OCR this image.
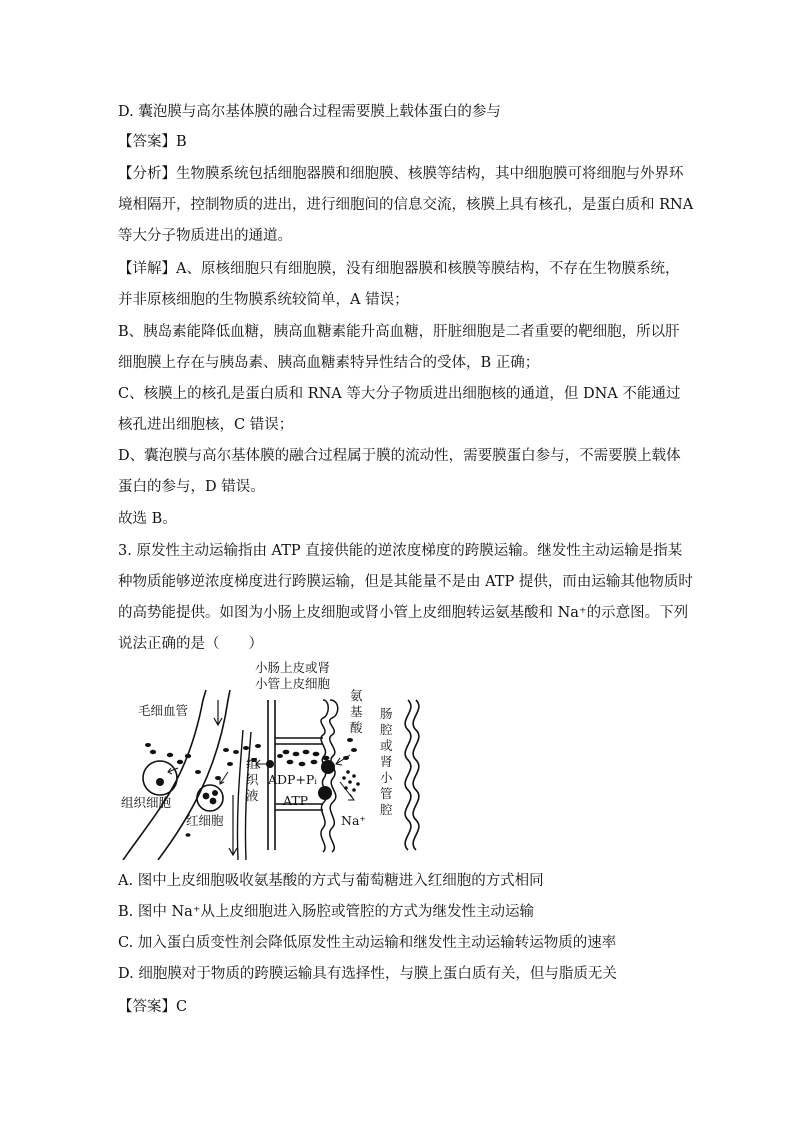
D. 囊泡膜与高尔基体膜的融合过程需要膜上载体蛋白的参与

【答案】B

【分析】生物膜系统包括细胞器膜和细胞膜、核膜等结构，其中细胞膜可将细胞与外界环
境相隔开，控制物质的进出，进行细胞间的信息交流，核膜上具有核孔，是蛋白质和 RNA
等大分子物质进出的通道。

【详解】A、原核细胞只有细胞膜，没有细胞器膜和核膜等膜结构，不存在生物膜系统，
并非原核细胞的生物膜系统较简单，A 错误；

B、胰岛素能降低血糖，胰高血糖素能升高血糖，肝脏细胞是二者重要的靶细胞，所以肝
细胞膜上存在与胰岛素、胰高血糖素特异性结合的受体，B 正确；

C、核膜上的核孔是蛋白质和 RNA 等大分子物质进出细胞核的通道，但 DNA 不能通过
核孔进出细胞核，C 错误；

D、囊泡膜与高尔基体膜的融合过程属于膜的流动性，需要膜蛋白参与，不需要膜上载体
蛋白的参与，D 错误。

故选 B。

3. 原发性主动运输指由 ATP 直接供能的逆浓度梯度的跨膜运输。继发性主动运输是指某
种物质能够逆浓度梯度进行跨膜运输，但是其能量不是由 ATP 提供，而由运输其他物质时
的高势能提供。如图为小肠上皮细胞或肾小管上皮细胞转运氨基酸和 Na⁺的示意图。下列
说法正确的是（　　）

小肠上皮或肾
小管上皮细胞
毛细血管
氨
基
酸
肠
腔
或
肾
小
管
腔
组
织
液
ADP+Pᵢ
ATP
Na⁺
组织细胞
红细胞

A. 图中上皮细胞吸收氨基酸的方式与葡萄糖进入红细胞的方式相同
B. 图中 Na⁺从上皮细胞进入肠腔或管腔的方式为继发性主动运输
C. 加入蛋白质变性剂会降低原发性主动运输和继发性主动运输转运物质的速率
D. 细胞膜对于物质的跨膜运输具有选择性，与膜上蛋白质有关，但与脂质无关

【答案】C
